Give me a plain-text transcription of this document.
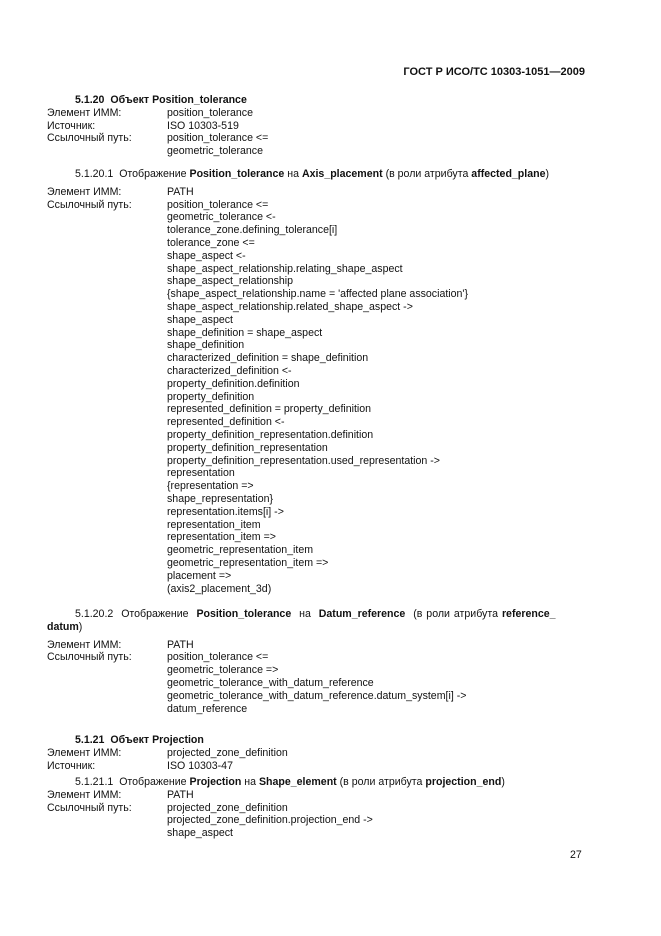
ГОСТ Р ИСО/ТС 10303-1051—2009
5.1.20 Объект Position_tolerance
Элемент ИММ:	position_tolerance
Источник:	ISO 10303-519
Ссылочный путь:	position_tolerance <=
geometric_tolerance
5.1.20.1 Отображение Position_tolerance на Axis_placement (в роли атрибута affected_plane)
Элемент ИММ:	PATH
Ссылочный путь:	position_tolerance <=
geometric_tolerance <-
tolerance_zone.defining_tolerance[i]
tolerance_zone <=
shape_aspect <-
shape_aspect_relationship.relating_shape_aspect
shape_aspect_relationship
{shape_aspect_relationship.name = 'affected plane association'}
shape_aspect_relationship.related_shape_aspect ->
shape_aspect
shape_definition = shape_aspect
shape_definition
characterized_definition = shape_definition
characterized_definition <-
property_definition.definition
property_definition
represented_definition = property_definition
represented_definition <-
property_definition_representation.definition
property_definition_representation
property_definition_representation.used_representation ->
representation
{representation =>
shape_representation}
representation.items[i] ->
representation_item
representation_item =>
geometric_representation_item
geometric_representation_item =>
placement =>
(axis2_placement_3d)
5.1.20.2 Отображение Position_tolerance на Datum_reference (в роли атрибута reference_
datum)
Элемент ИММ:	PATH
Ссылочный путь:	position_tolerance <=
geometric_tolerance =>
geometric_tolerance_with_datum_reference
geometric_tolerance_with_datum_reference.datum_system[i] ->
datum_reference
5.1.21 Объект Projection
Элемент ИММ:	projected_zone_definition
Источник:	ISO 10303-47
5.1.21.1 Отображение Projection на Shape_element (в роли атрибута projection_end)
Элемент ИММ:	PATH
Ссылочный путь:	projected_zone_definition
projected_zone_definition.projection_end ->
shape_aspect
27
